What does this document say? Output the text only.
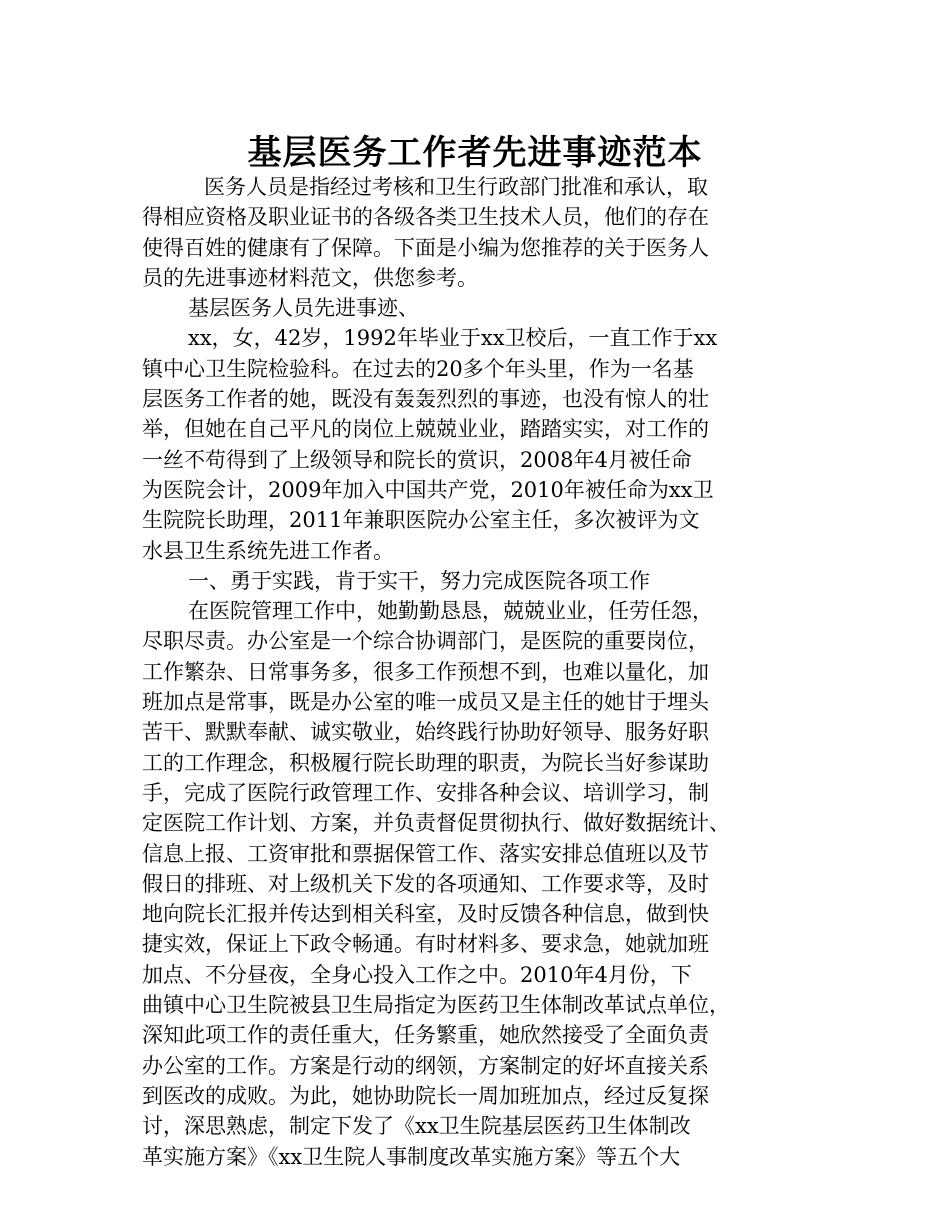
基层医务工作者先进事迹范本
医务人员是指经过考核和卫生行政部门批准和承认，取
得相应资格及职业证书的各级各类卫生技术人员，他们的存在
使得百姓的健康有了保障。下面是小编为您推荐的关于医务人
员的先进事迹材料范文，供您参考。
基层医务人员先进事迹、
xx，女，42岁，1992年毕业于xx卫校后，一直工作于xx
镇中心卫生院检验科。在过去的20多个年头里，作为一名基
层医务工作者的她，既没有轰轰烈烈的事迹，也没有惊人的壮
举，但她在自己平凡的岗位上兢兢业业，踏踏实实，对工作的
一丝不苟得到了上级领导和院长的赏识，2008年4月被任命
为医院会计，2009年加入中国共产党，2010年被任命为xx卫
生院院长助理，2011年兼职医院办公室主任，多次被评为文
水县卫生系统先进工作者。
一、勇于实践，肯于实干，努力完成医院各项工作
在医院管理工作中，她勤勤恳恳，兢兢业业，任劳任怨，
尽职尽责。办公室是一个综合协调部门，是医院的重要岗位，
工作繁杂、日常事务多，很多工作预想不到，也难以量化，加
班加点是常事，既是办公室的唯一成员又是主任的她甘于埋头
苦干、默默奉献、诚实敬业，始终践行协助好领导、服务好职
工的工作理念，积极履行院长助理的职责，为院长当好参谋助
手，完成了医院行政管理工作、安排各种会议、培训学习，制
定医院工作计划、方案，并负责督促贯彻执行、做好数据统计、
信息上报、工资审批和票据保管工作、落实安排总值班以及节
假日的排班、对上级机关下发的各项通知、工作要求等，及时
地向院长汇报并传达到相关科室，及时反馈各种信息，做到快
捷实效，保证上下政令畅通。有时材料多、要求急，她就加班
加点、不分昼夜，全身心投入工作之中。2010年4月份，下
曲镇中心卫生院被县卫生局指定为医药卫生体制改革试点单位，
深知此项工作的责任重大，任务繁重，她欣然接受了全面负责
办公室的工作。方案是行动的纲领，方案制定的好坏直接关系
到医改的成败。为此，她协助院长一周加班加点，经过反复探
讨，深思熟虑，制定下发了《xx卫生院基层医药卫生体制改
革实施方案》《xx卫生院人事制度改革实施方案》等五个大
